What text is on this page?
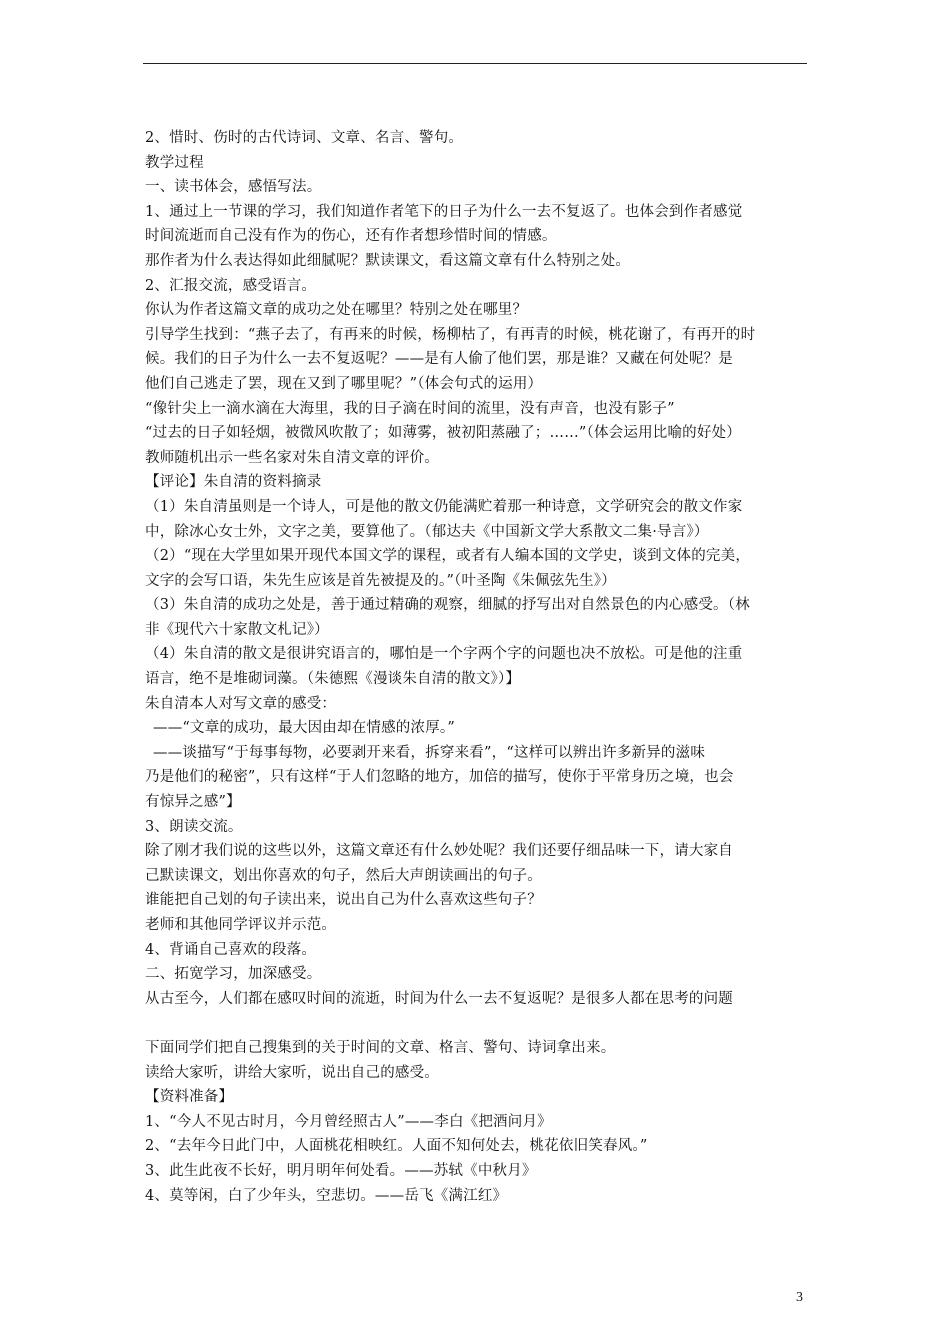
2、惜时、伤时的古代诗词、文章、名言、警句。

教学过程

一、读书体会，感悟写法。

1、通过上一节课的学习，我们知道作者笔下的日子为什么一去不复返了。也体会到作者感觉

时间流逝而自己没有作为的伤心，还有作者想珍惜时间的情感。

那作者为什么表达得如此细腻呢？默读课文，看这篇文章有什么特别之处。

2、汇报交流，感受语言。

你认为作者这篇文章的成功之处在哪里？特别之处在哪里？

引导学生找到：“燕子去了，有再来的时候，杨柳枯了，有再青的时候，桃花谢了，有再开的时

候。我们的日子为什么一去不复返呢？——是有人偷了他们罢，那是谁？又藏在何处呢？是

他们自己逃走了罢，现在又到了哪里呢？”（体会句式的运用）

“像针尖上一滴水滴在大海里，我的日子滴在时间的流里，没有声音，也没有影子”

“过去的日子如轻烟，被微风吹散了；如薄雾，被初阳蒸融了；……”（体会运用比喻的好处）

教师随机出示一些名家对朱自清文章的评价。

【评论】朱自清的资料摘录

（1）朱自清虽则是一个诗人，可是他的散文仍能满贮着那一种诗意，文学研究会的散文作家

中，除冰心女士外，文字之美，要算他了。（郁达夫《中国新文学大系散文二集·导言》）

（2）“现在大学里如果开现代本国文学的课程，或者有人编本国的文学史，谈到文体的完美，

文字的会写口语，朱先生应该是首先被提及的。”（叶圣陶《朱佩弦先生》）

（3）朱自清的成功之处是，善于通过精确的观察，细腻的抒写出对自然景色的内心感受。（林

非《现代六十家散文札记》）

（4）朱自清的散文是很讲究语言的，哪怕是一个字两个字的问题也决不放松。可是他的注重

语言，绝不是堆砌词藻。（朱德熙《漫谈朱自清的散文》）】

朱自清本人对写文章的感受：

——“文章的成功，最大因由却在情感的浓厚。”

——谈描写“于每事每物，必要剥开来看，拆穿来看”，“这样可以辨出许多新异的滋味

乃是他们的秘密”，只有这样“于人们忽略的地方，加倍的描写，使你于平常身历之境，也会

有惊异之感”】

3、朗读交流。

除了刚才我们说的这些以外，这篇文章还有什么妙处呢？我们还要仔细品味一下，请大家自

己默读课文，划出你喜欢的句子，然后大声朗读画出的句子。

谁能把自己划的句子读出来，说出自己为什么喜欢这些句子？

老师和其他同学评议并示范。

4、背诵自己喜欢的段落。

二、拓宽学习，加深感受。

从古至今，人们都在感叹时间的流逝，时间为什么一去不复返呢？是很多人都在思考的问题

下面同学们把自己搜集到的关于时间的文章、格言、警句、诗词拿出来。

读给大家听，讲给大家听，说出自己的感受。

【资料准备】

1、“今人不见古时月，今月曾经照古人”——李白《把酒问月》

2、“去年今日此门中，人面桃花相映红。人面不知何处去，桃花依旧笑春风。”

3、此生此夜不长好，明月明年何处看。——苏轼《中秋月》

4、莫等闲，白了少年头，空悲切。——岳飞《满江红》

3
